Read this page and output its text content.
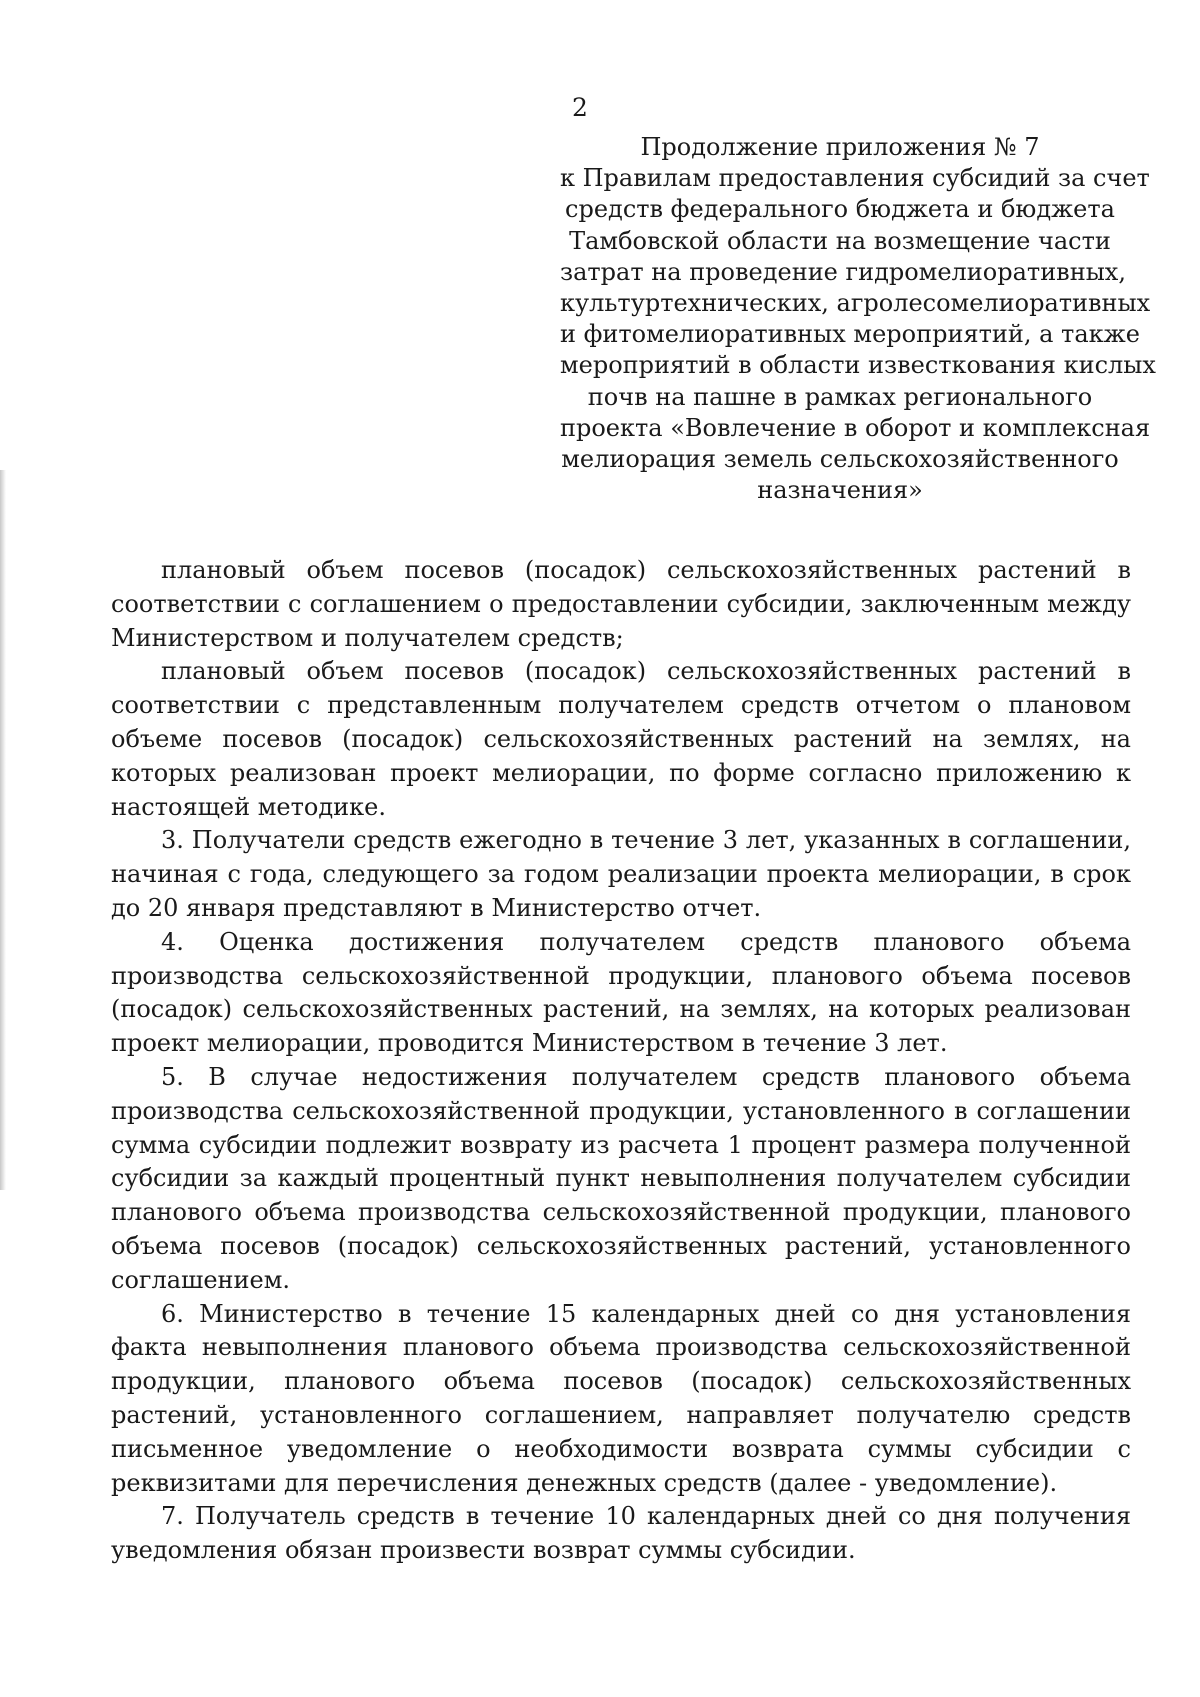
2
Продолжение приложения № 7
к Правилам предоставления субсидий за счет
средств федерального бюджета и бюджета
Тамбовской области на возмещение части
затрат на проведение гидромелиоративных,
культуртехнических, агролесомелиоративных
и фитомелиоративных мероприятий, а также
мероприятий в области известкования кислых
почв на пашне в рамках регионального
проекта «Вовлечение в оборот и комплексная
мелиорация земель сельскохозяйственного
назначения»

плановый объем посевов (посадок) сельскохозяйственных растений в соответствии с соглашением о предоставлении субсидии, заключенным между Министерством и получателем средств;

плановый объем посевов (посадок) сельскохозяйственных растений в соответствии с представленным получателем средств отчетом о плановом объеме посевов (посадок) сельскохозяйственных растений на землях, на которых реализован проект мелиорации, по форме согласно приложению к настоящей методике.

3. Получатели средств ежегодно в течение 3 лет, указанных в соглашении, начиная с года, следующего за годом реализации проекта мелиорации, в срок до 20 января представляют в Министерство отчет.

4. Оценка достижения получателем средств планового объема производства сельскохозяйственной продукции, планового объема посевов (посадок) сельскохозяйственных растений, на землях, на которых реализован проект мелиорации, проводится Министерством в течение 3 лет.

5. В случае недостижения получателем средств планового объема производства сельскохозяйственной продукции, установленного в соглашении сумма субсидии подлежит возврату из расчета 1 процент размера полученной субсидии за каждый процентный пункт невыполнения получателем субсидии планового объема производства сельскохозяйственной продукции, планового объема посевов (посадок) сельскохозяйственных растений, установленного соглашением.

6. Министерство в течение 15 календарных дней со дня установления факта невыполнения планового объема производства сельскохозяйственной продукции, планового объема посевов (посадок) сельскохозяйственных растений, установленного соглашением, направляет получателю средств письменное уведомление о необходимости возврата суммы субсидии с реквизитами для перечисления денежных средств (далее - уведомление).

7. Получатель средств в течение 10 календарных дней со дня получения уведомления обязан произвести возврат суммы субсидии.
